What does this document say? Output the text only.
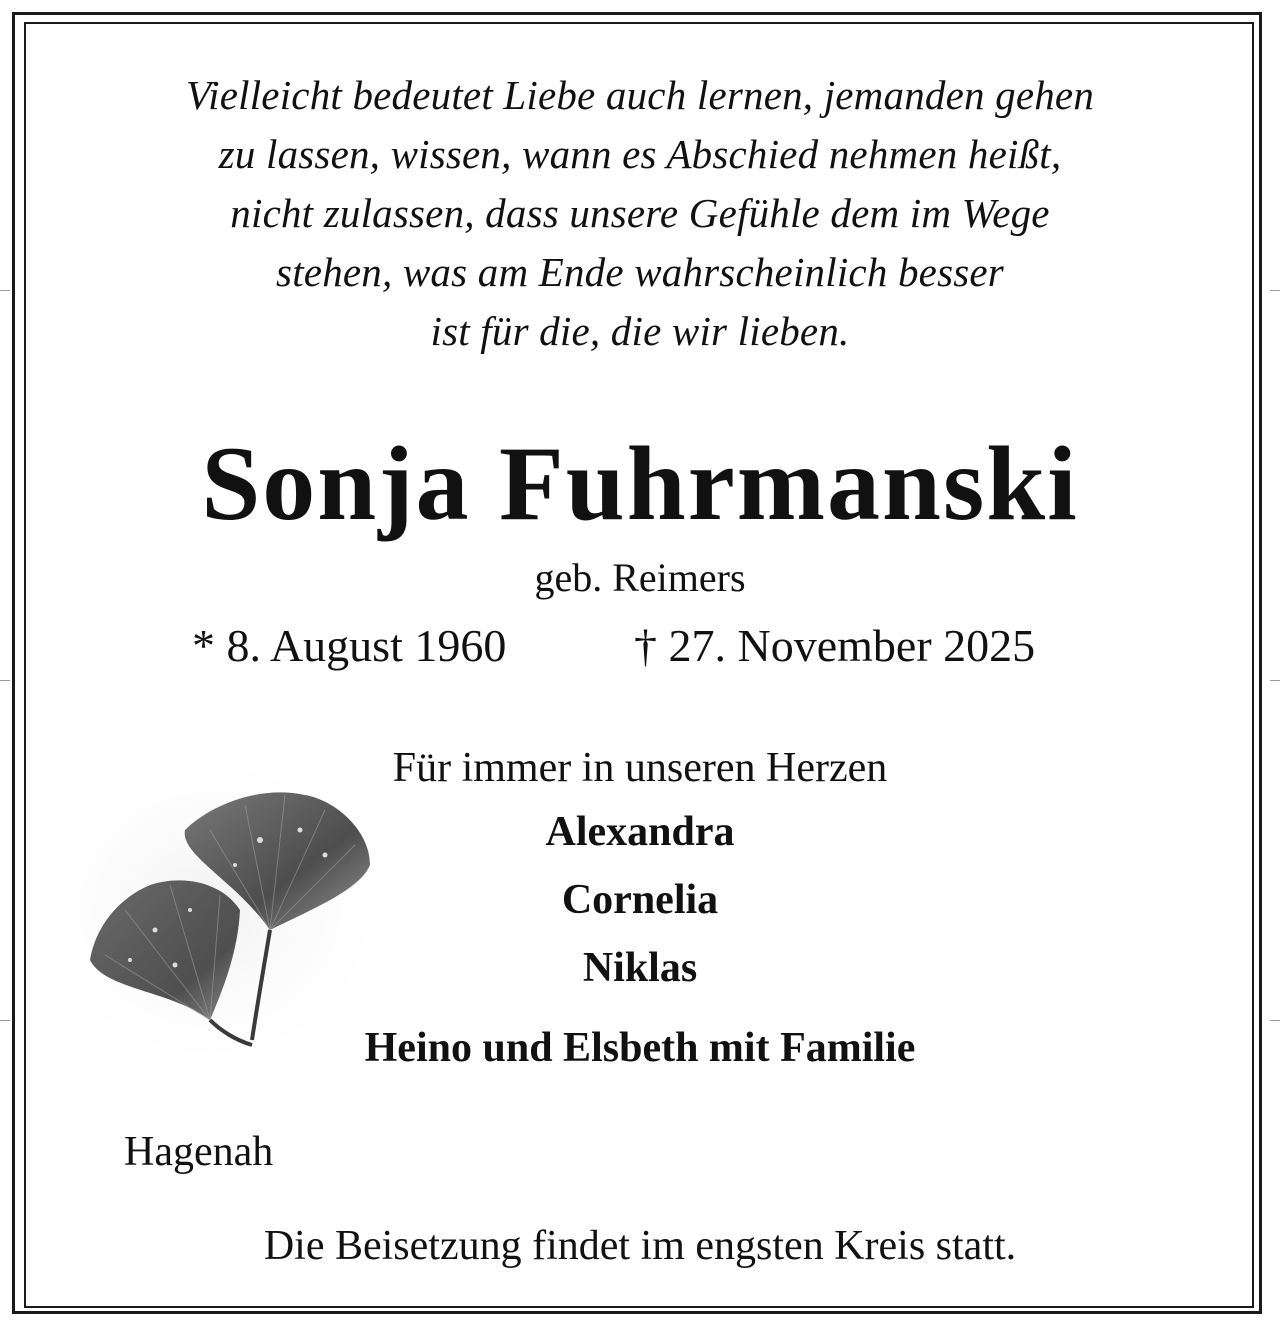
Vielleicht bedeutet Liebe auch lernen, jemanden gehen
zu lassen, wissen, wann es Abschied nehmen heißt,
nicht zulassen, dass unsere Gefühle dem im Wege
stehen, was am Ende wahrscheinlich besser
ist für die, die wir lieben.
Sonja Fuhrmanski
geb. Reimers
* 8. August 1960	† 27. November 2025
Für immer in unseren Herzen
Alexandra
Cornelia
Niklas
Heino und Elsbeth mit Familie
Hagenah
Die Beisetzung findet im engsten Kreis statt.
